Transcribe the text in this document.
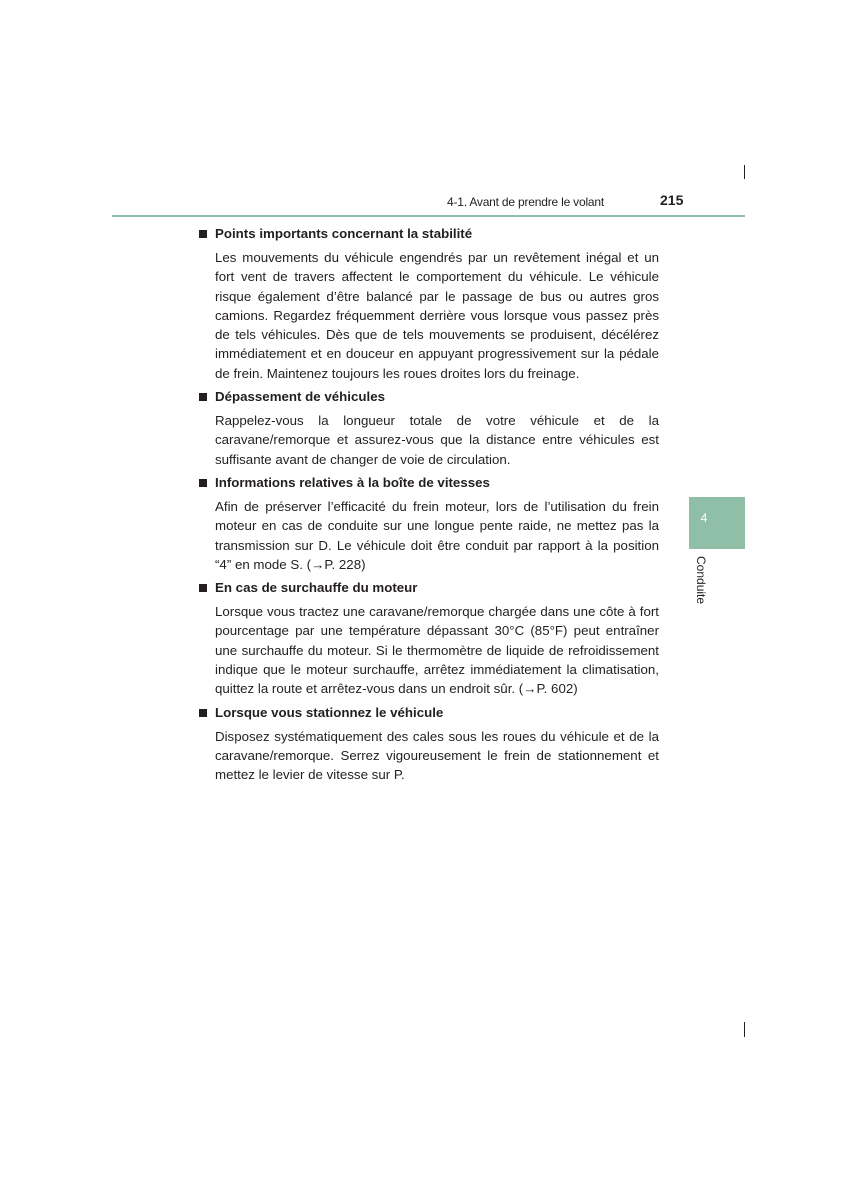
4-1. Avant de prendre le volant	215
4
Conduite
Points importants concernant la stabilité
Les mouvements du véhicule engendrés par un revêtement inégal et un fort vent de travers affectent le comportement du véhicule. Le véhicule risque également d’être balancé par le passage de bus ou autres gros camions. Regardez fréquemment derrière vous lorsque vous passez près de tels véhicules. Dès que de tels mouvements se produisent, décélérez immédiatement et en douceur en appuyant progressivement sur la pédale de frein. Maintenez toujours les roues droites lors du freinage.
Dépassement de véhicules
Rappelez-vous la longueur totale de votre véhicule et de la caravane/remorque et assurez-vous que la distance entre véhicules est suffisante avant de changer de voie de circulation.
Informations relatives à la boîte de vitesses
Afin de préserver l’efficacité du frein moteur, lors de l’utilisation du frein moteur en cas de conduite sur une longue pente raide, ne mettez pas la transmission sur D. Le véhicule doit être conduit par rapport à la position “4” en mode S. (→P. 228)
En cas de surchauffe du moteur
Lorsque vous tractez une caravane/remorque chargée dans une côte à fort pourcentage par une température dépassant 30°C (85°F) peut entraîner une surchauffe du moteur. Si le thermomètre de liquide de refroidissement indique que le moteur surchauffe, arrêtez immédiatement la climatisation, quittez la route et arrêtez-vous dans un endroit sûr. (→P. 602)
Lorsque vous stationnez le véhicule
Disposez systématiquement des cales sous les roues du véhicule et de la caravane/remorque. Serrez vigoureusement le frein de stationnement et mettez le levier de vitesse sur P.
